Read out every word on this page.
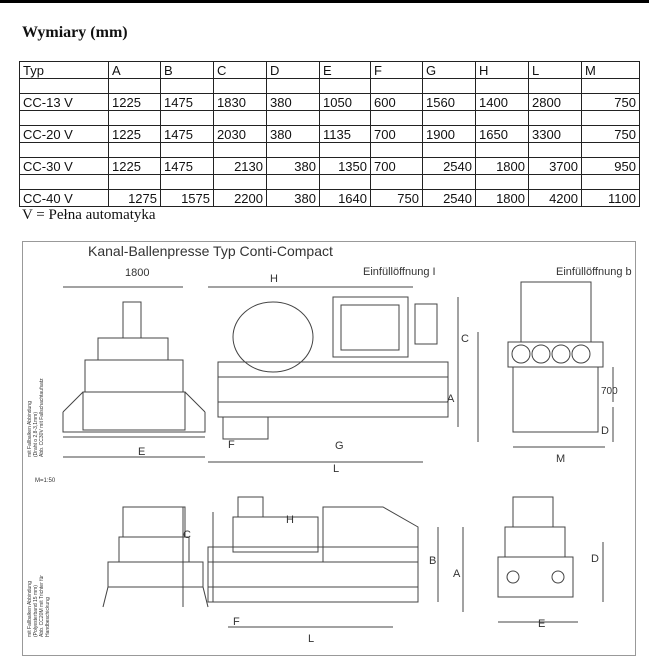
Wymiary (mm)
Typ	A	B	C	D	E	F	G	H	L	M

CC-13 V	1225	1475	1830	380	1050	600	1560	1400	2800	750

CC-20 V	1225	1475	2030	380	1135	700	1900	1650	3300	750

CC-30 V	1225	1475	2130	380	1350	700	2540	1800	3700	950

CC-40 V	1275	1575	2200	380	1640	750	2540	1800	4200	1100
V = Pełna automatyka
Kanal-Ballenpresse Typ Conti-Compact
1800	Einfüllöffnung I	Einfüllöffnung b
M=1:50
E
H
F	G
L
C
A
700
D
M
C
H
F
L
B
A
E
D
mit Fallbalken Abbindung (Draht o 2,8-3,1mm) Abb. CC30V mit Fallschachtaufsatz
mit Fallbalken Abbindung (Polyesterband 15 mm) Abb. CC20M mit Trichter für Handbeschickung
